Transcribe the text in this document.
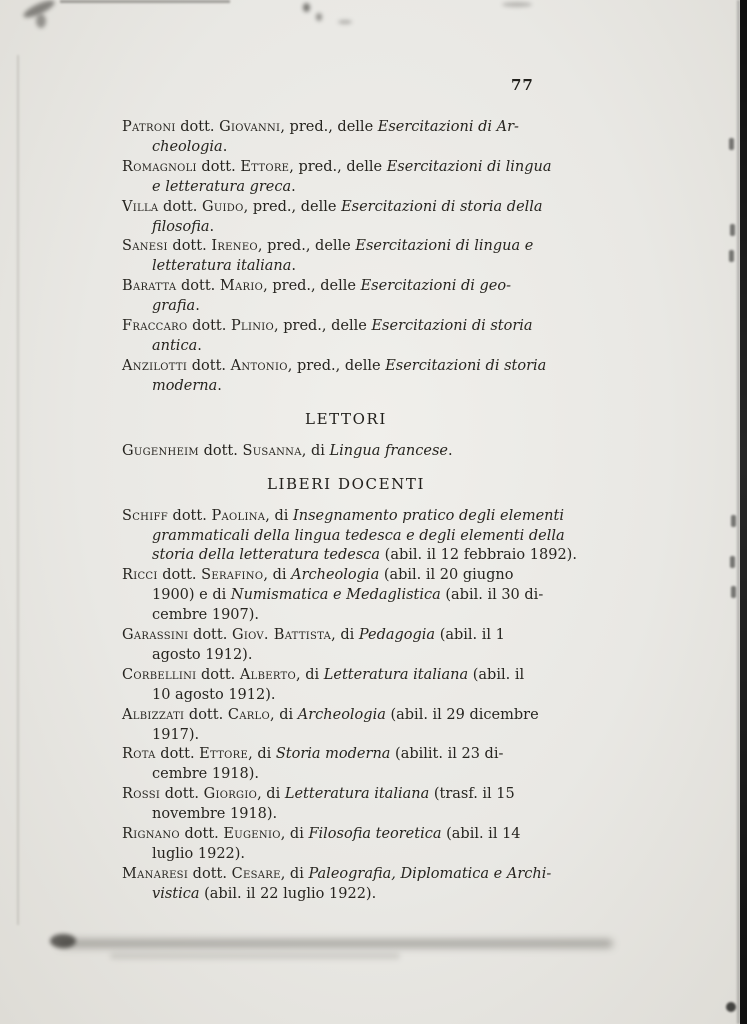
77
Patroni dott. Giovanni, pred., delle Esercitazioni di Ar-
cheologia.
Romagnoli dott. Ettore, pred., delle Esercitazioni di lingua
e letteratura greca.
Villa dott. Guido, pred., delle Esercitazioni di storia della
filosofia.
Sanesi dott. Ireneo, pred., delle Esercitazioni di lingua e
letteratura italiana.
Baratta dott. Mario, pred., delle Esercitazioni di geo-
grafia.
Fraccaro dott. Plinio, pred., delle Esercitazioni di storia
antica.
Anzilotti dott. Antonio, pred., delle Esercitazioni di storia
moderna.
LETTORI
Gugenheim dott. Susanna, di Lingua francese.
LIBERI DOCENTI
Schiff dott. Paolina, di Insegnamento pratico degli elementi
grammaticali della lingua tedesca e degli elementi della
storia della letteratura tedesca (abil. il 12 febbraio 1892).
Ricci dott. Serafino, di Archeologia (abil. il 20 giugno
1900) e di Numismatica e Medaglistica (abil. il 30 di-
cembre 1907).
Garassini dott. Giov. Battista, di Pedagogia (abil. il 1
agosto 1912).
Corbellini dott. Alberto, di Letteratura italiana (abil. il
10 agosto 1912).
Albizzati dott. Carlo, di Archeologia (abil. il 29 dicembre
1917).
Rota dott. Ettore, di Storia moderna (abilit. il 23 di-
cembre 1918).
Rossi dott. Giorgio, di Letteratura italiana (trasf. il 15
novembre 1918).
Rignano dott. Eugenio, di Filosofia teoretica (abil. il 14
luglio 1922).
Manaresi dott. Cesare, di Paleografia, Diplomatica e Archi-
vistica (abil. il 22 luglio 1922).
